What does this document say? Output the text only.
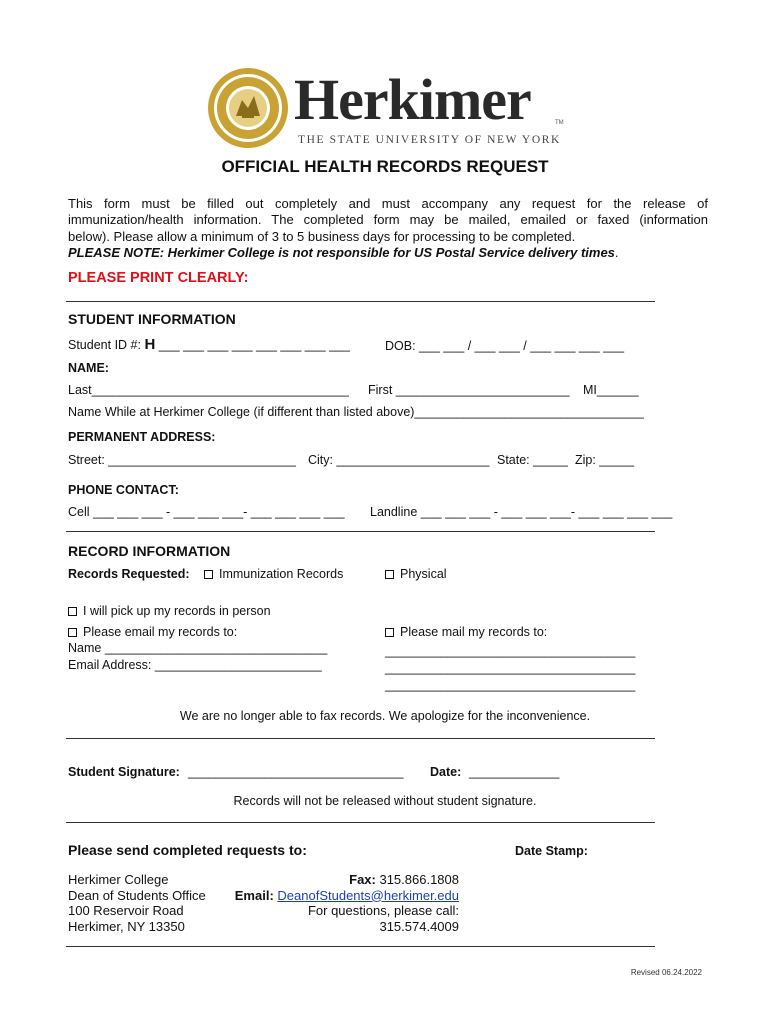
Herkimer	TM
THE STATE UNIVERSITY OF NEW YORK
OFFICIAL HEALTH RECORDS REQUEST
This form must be filled out completely and must accompany any request for the release of
immunization/health information. The completed form may be mailed, emailed or faxed (information
below). Please allow a minimum of 3 to 5 business days for processing to be completed.
PLEASE NOTE: Herkimer College is not responsible for US Postal Service delivery times.
PLEASE PRINT CLEARLY:
STUDENT INFORMATION
Student ID #: H ___ ___ ___ ___ ___ ___ ___ ___	DOB: ___ ___ / ___ ___ / ___ ___ ___ ___
NAME:
Last_____________________________________ First _________________________ MI______
Name While at Herkimer College (if different than listed above)_________________________________
PERMANENT ADDRESS:
Street: ___________________________ City: ______________________ State: _____ Zip: _____
PHONE CONTACT:
Cell ___ ___ ___ - ___ ___ ___- ___ ___ ___ ___ Landline ___ ___ ___ - ___ ___ ___- ___ ___ ___ ___
RECORD INFORMATION
Records Requested:	Immunization Records	Physical
I will pick up my records in person
Please email my records to:
Name ________________________________
Email Address: ________________________
Please mail my records to:
____________________________________
____________________________________
____________________________________
We are no longer able to fax records. We apologize for the inconvenience.
Student Signature: _______________________________ Date: _____________
Records will not be released without student signature.
Please send completed requests to:	Date Stamp:
Herkimer College
Dean of Students Office
100 Reservoir Road
Herkimer, NY 13350
Fax: 315.866.1808
Email: DeanofStudents@herkimer.edu
For questions, please call:
315.574.4009
Revised 06.24.2022
